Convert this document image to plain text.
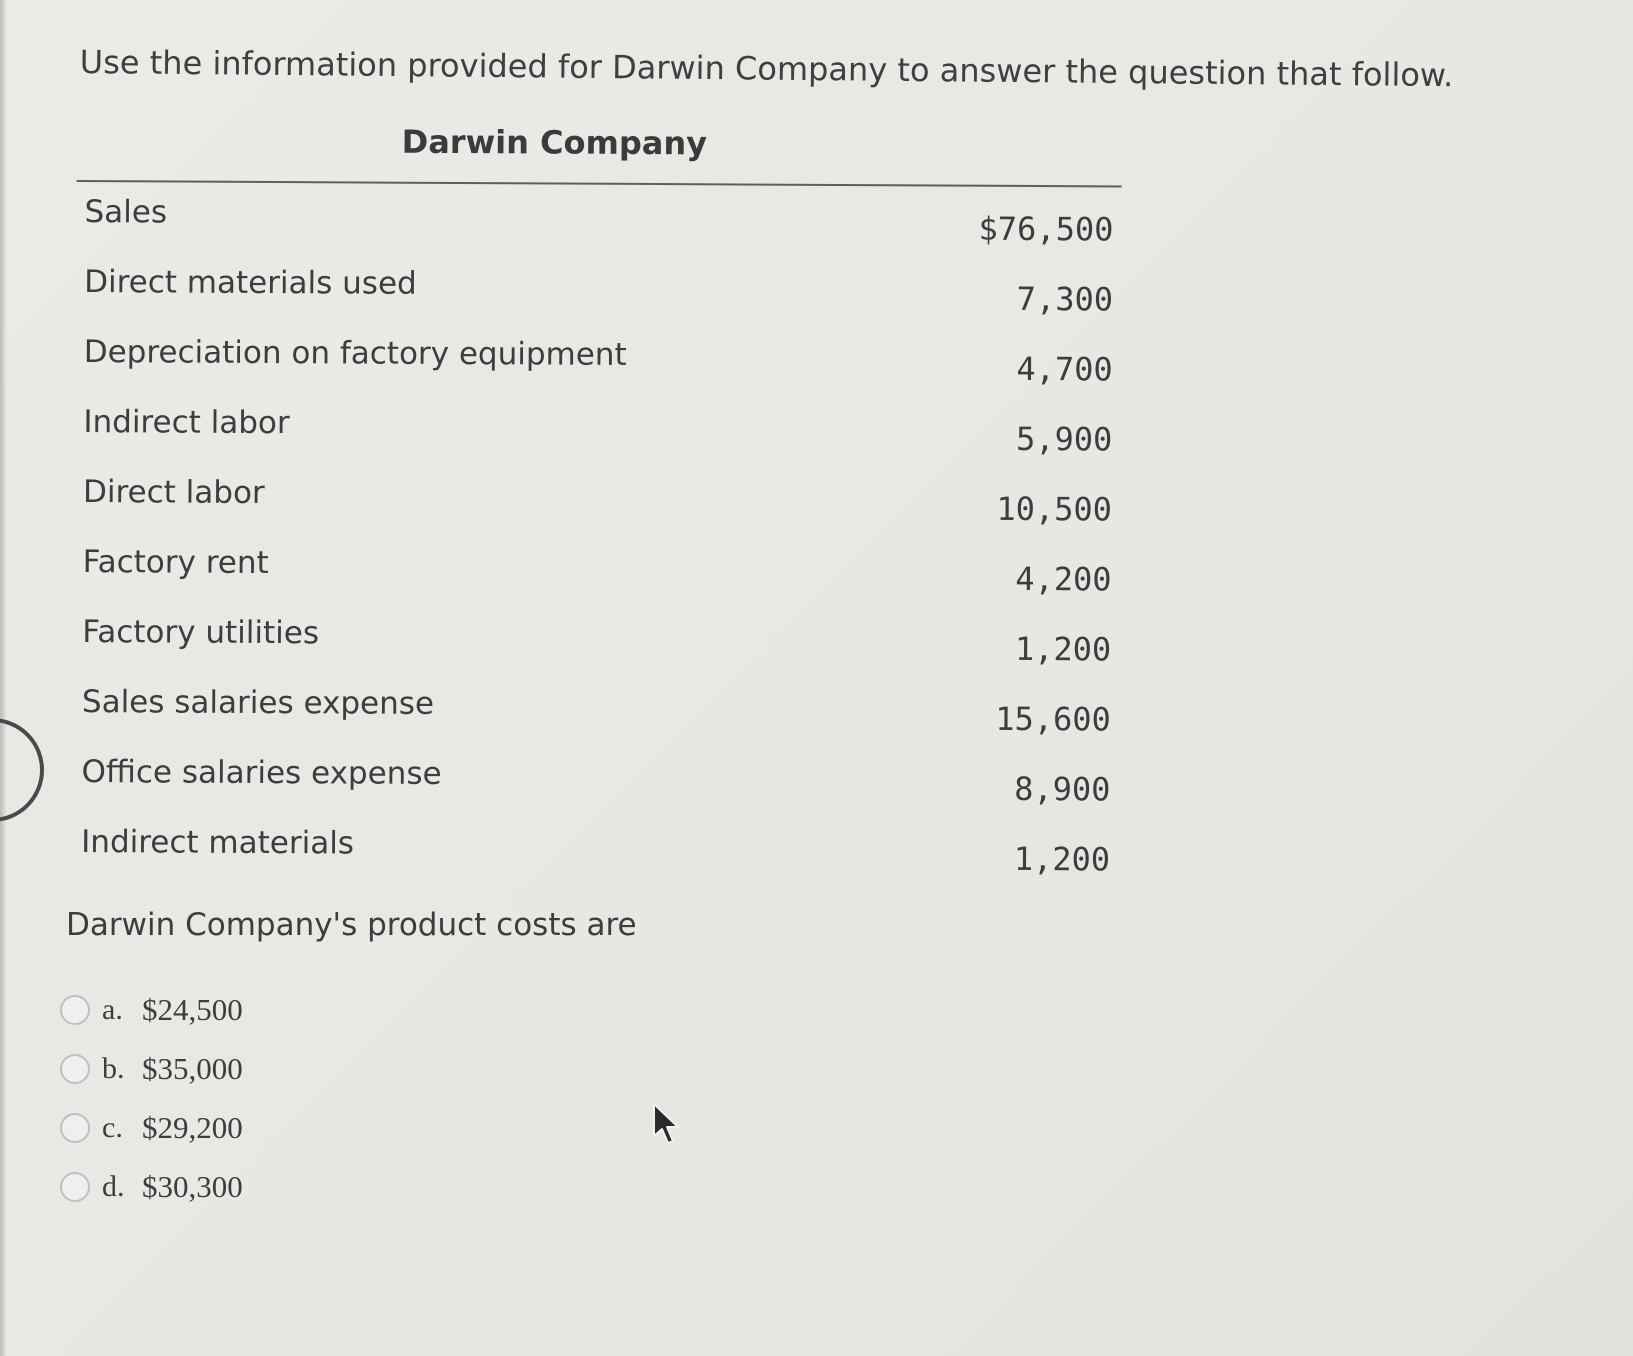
Use the information provided for Darwin Company to answer the question that follow.
Darwin Company
Sales	$76,500
Direct materials used	7,300
Depreciation on factory equipment	4,700
Indirect labor	5,900
Direct labor	10,500
Factory rent	4,200
Factory utilities	1,200
Sales salaries expense	15,600
Office salaries expense	8,900
Indirect materials	1,200
Darwin Company's product costs are
a. $24,500
b. $35,000
c. $29,200
d. $30,300
